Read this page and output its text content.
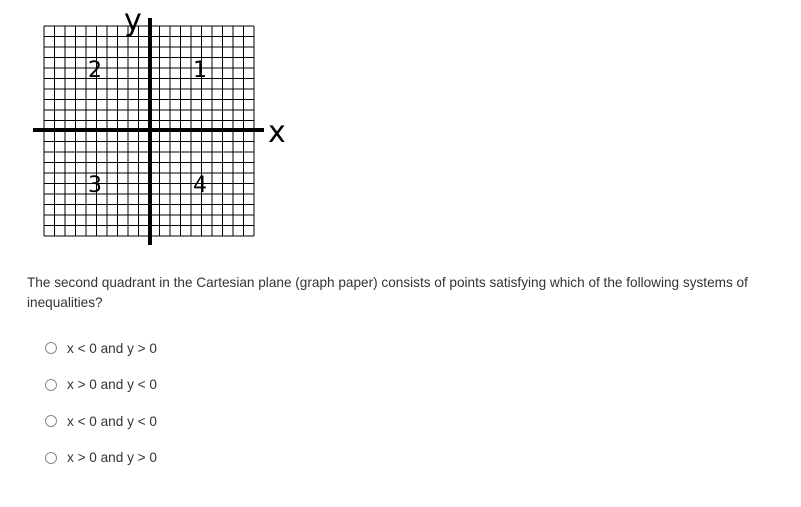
x
y
2	1
3	4

The second quadrant in the Cartesian plane (graph paper) consists of points satisfying which of the following systems of inequalities?

x < 0 and y > 0
x > 0 and y < 0
x < 0 and y < 0
x > 0 and y > 0
